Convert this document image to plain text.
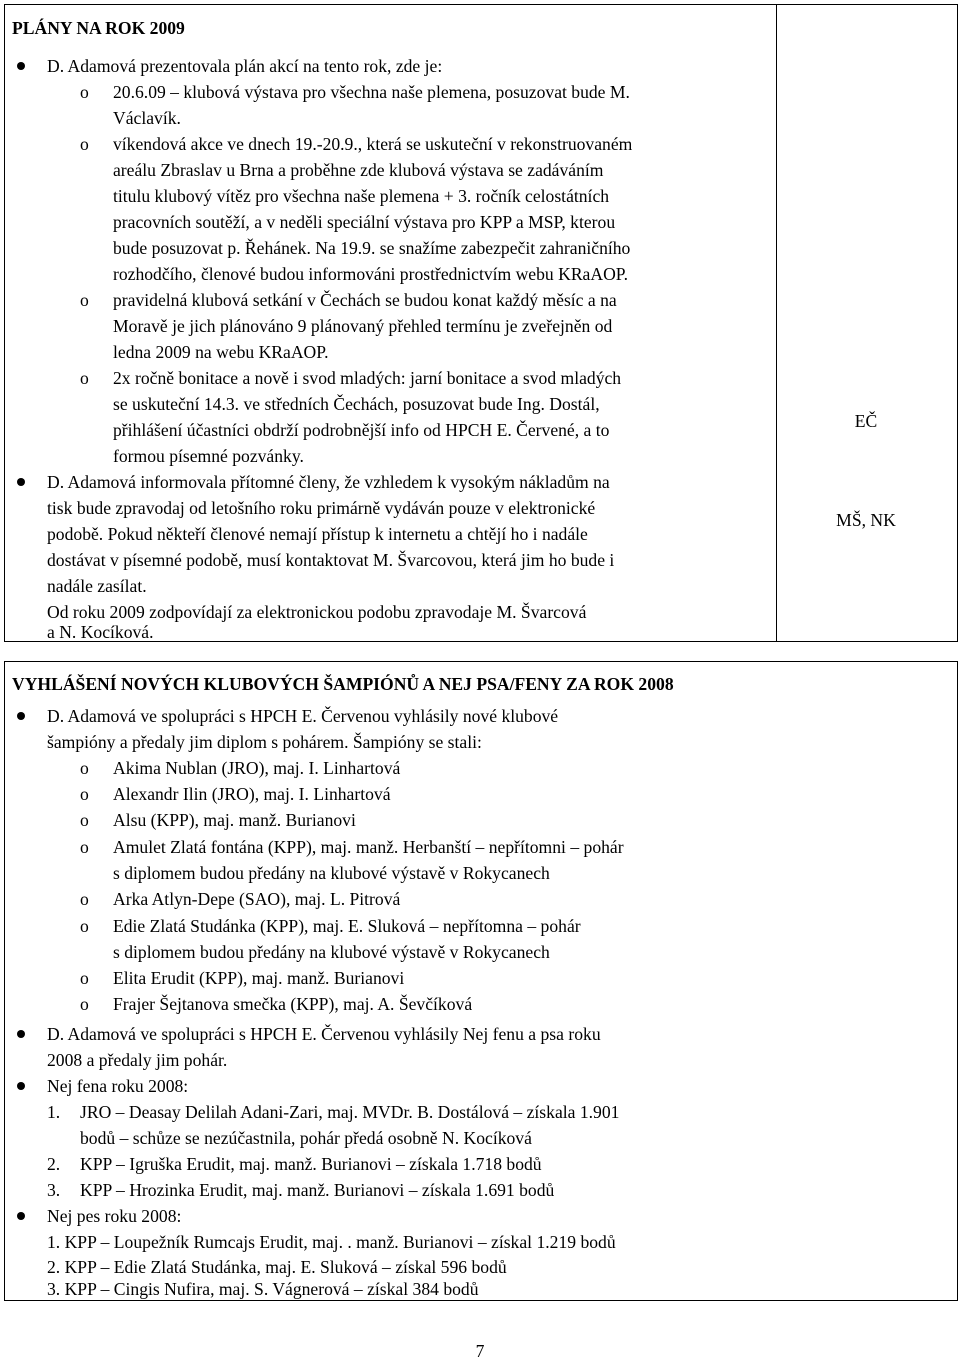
PLÁNY NA ROK 2009
D. Adamová prezentovala plán akcí na tento rok, zde je:
o 20.6.09 – klubová výstava pro všechna naše plemena, posuzovat bude M.
Václavík.
o víkendová akce ve dnech 19.-20.9., která se uskuteční v rekonstruovaném
areálu Zbraslav u Brna a proběhne zde klubová výstava se zadáváním
titulu klubový vítěz pro všechna naše plemena + 3. ročník celostátních
pracovních soutěží, a v neděli speciální výstava pro KPP a MSP, kterou
bude posuzovat p. Řehánek. Na 19.9. se snažíme zabezpečit zahraničního
rozhodčího, členové budou informováni prostřednictvím webu KRaAOP.
o pravidelná klubová setkání v Čechách se budou konat každý měsíc a na
Moravě je jich plánováno 9 plánovaný přehled termínu je zveřejněn od
ledna 2009 na webu KRaAOP.
o 2x ročně bonitace a nově i svod mladých: jarní bonitace a svod mladých
se uskuteční 14.3. ve středních Čechách, posuzovat bude Ing. Dostál,
přihlášení účastníci obdrží podrobnější info od HPCH E. Červené, a to
formou písemné pozvánky.
D. Adamová informovala přítomné členy, že vzhledem k vysokým nákladům na
tisk bude zpravodaj od letošního roku primárně vydáván pouze v elektronické
podobě. Pokud někteří členové nemají přístup k internetu a chtějí ho i nadále
dostávat v písemné podobě, musí kontaktovat M. Švarcovou, která jim ho bude i
nadále zasílat.
Od roku 2009 zodpovídají za elektronickou podobu zpravodaje M. Švarcová
a N. Kocíková.
EČ
MŠ, NK
VYHLÁŠENÍ NOVÝCH KLUBOVÝCH ŠAMPIÓNŮ A NEJ PSA/FENY ZA ROK 2008
D. Adamová ve spolupráci s HPCH E. Červenou vyhlásily nové klubové
šampióny a předaly jim diplom s pohárem. Šampióny se stali:
o Akima Nublan (JRO), maj. I. Linhartová
o Alexandr Ilin (JRO), maj. I. Linhartová
o Alsu (KPP), maj. manž. Burianovi
o Amulet Zlatá fontána (KPP), maj. manž. Herbanští – nepřítomni – pohár
s diplomem budou předány na klubové výstavě v Rokycanech
o Arka Atlyn-Depe (SAO), maj. L. Pitrová
o Edie Zlatá Studánka (KPP), maj. E. Sluková – nepřítomna – pohár
s diplomem budou předány na klubové výstavě v Rokycanech
o Elita Erudit (KPP), maj. manž. Burianovi
o Frajer Šejtanova smečka (KPP), maj. A. Ševčíková
D. Adamová ve spolupráci s HPCH E. Červenou vyhlásily Nej fenu a psa roku
2008 a předaly jim pohár.
Nej fena roku 2008:
1. JRO – Deasay Delilah Adani-Zari, maj. MVDr. B. Dostálová – získala 1.901
bodů – schůze se nezúčastnila, pohár předá osobně N. Kocíková
2. KPP – Igruška Erudit, maj. manž. Burianovi – získala 1.718 bodů
3. KPP – Hrozinka Erudit, maj. manž. Burianovi – získala 1.691 bodů
Nej pes roku 2008:
1. KPP – Loupežník Rumcajs Erudit, maj. . manž. Burianovi – získal 1.219 bodů
2. KPP – Edie Zlatá Studánka, maj. E. Sluková – získal 596 bodů
3. KPP – Cingis Nufira, maj. S. Vágnerová – získal 384 bodů
7
